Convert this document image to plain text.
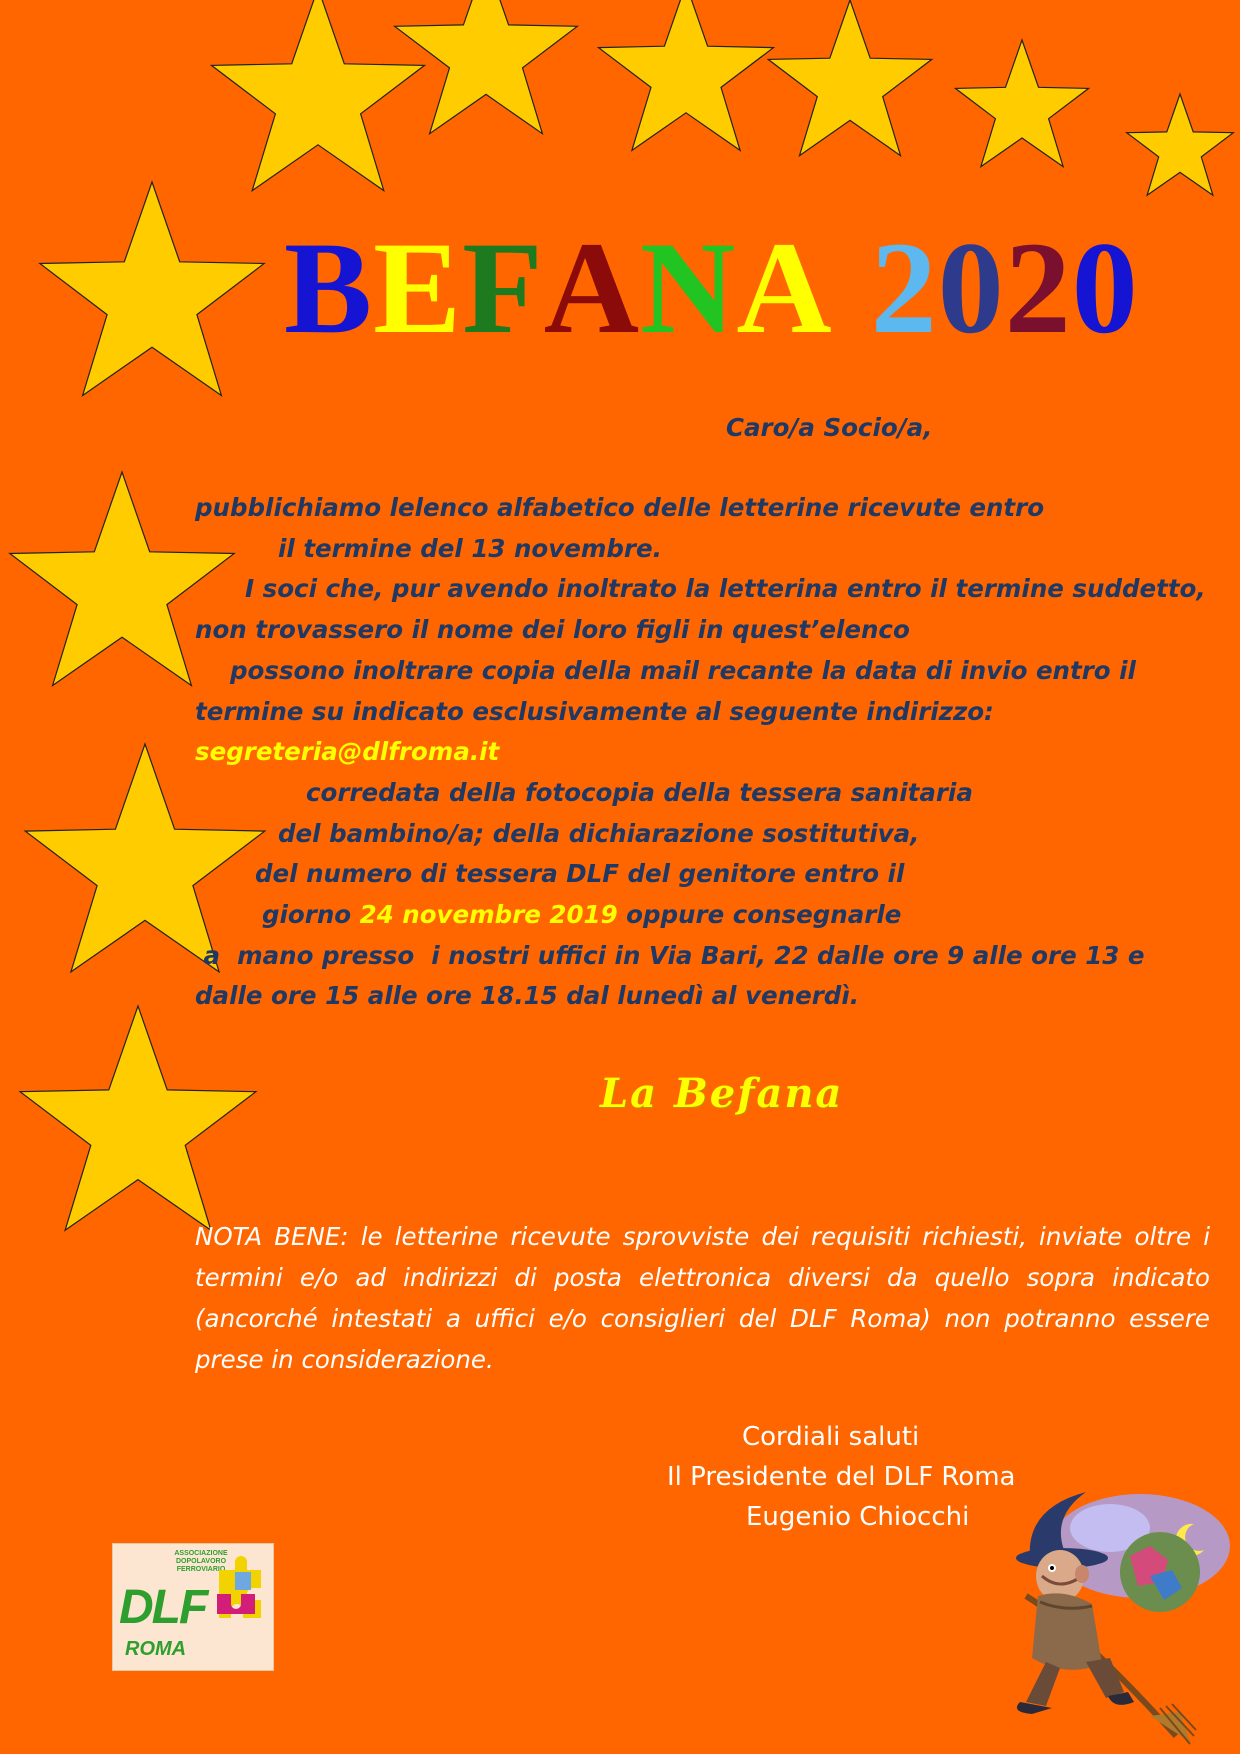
BEFANA 2020
Caro/a Socio/a,
pubblichiamo lelenco alfabetico delle letterine ricevute entro
il termine del 13 novembre.
I soci che, pur avendo inoltrato la letterina entro il termine suddetto,
non trovassero il nome dei loro figli in quest’elenco
possono inoltrare copia della mail recante la data di invio entro il
termine su indicato esclusivamente al seguente indirizzo:
segreteria@dlfroma.it
corredata della fotocopia della tessera sanitaria
del bambino/a; della dichiarazione sostitutiva,
del numero di tessera DLF del genitore entro il
giorno 24 novembre 2019 oppure consegnarle
a  mano presso  i nostri uffici in Via Bari, 22 dalle ore 9 alle ore 13 e
dalle ore 15 alle ore 18.15 dal lunedì al venerdì.
La Befana
NOTA BENE: le letterine ricevute sprovviste dei requisiti richiesti, inviate oltre i termini e/o ad indirizzi di posta elettronica diversi da quello sopra indicato (ancorché intestati a uffici e/o consiglieri del DLF Roma) non potranno essere prese in considerazione.
Cordiali saluti
Il Presidente del DLF Roma
Eugenio Chiocchi
ASSOCIAZIONE DOPOLAVORO FERROVIARIO
DLF
ROMA
